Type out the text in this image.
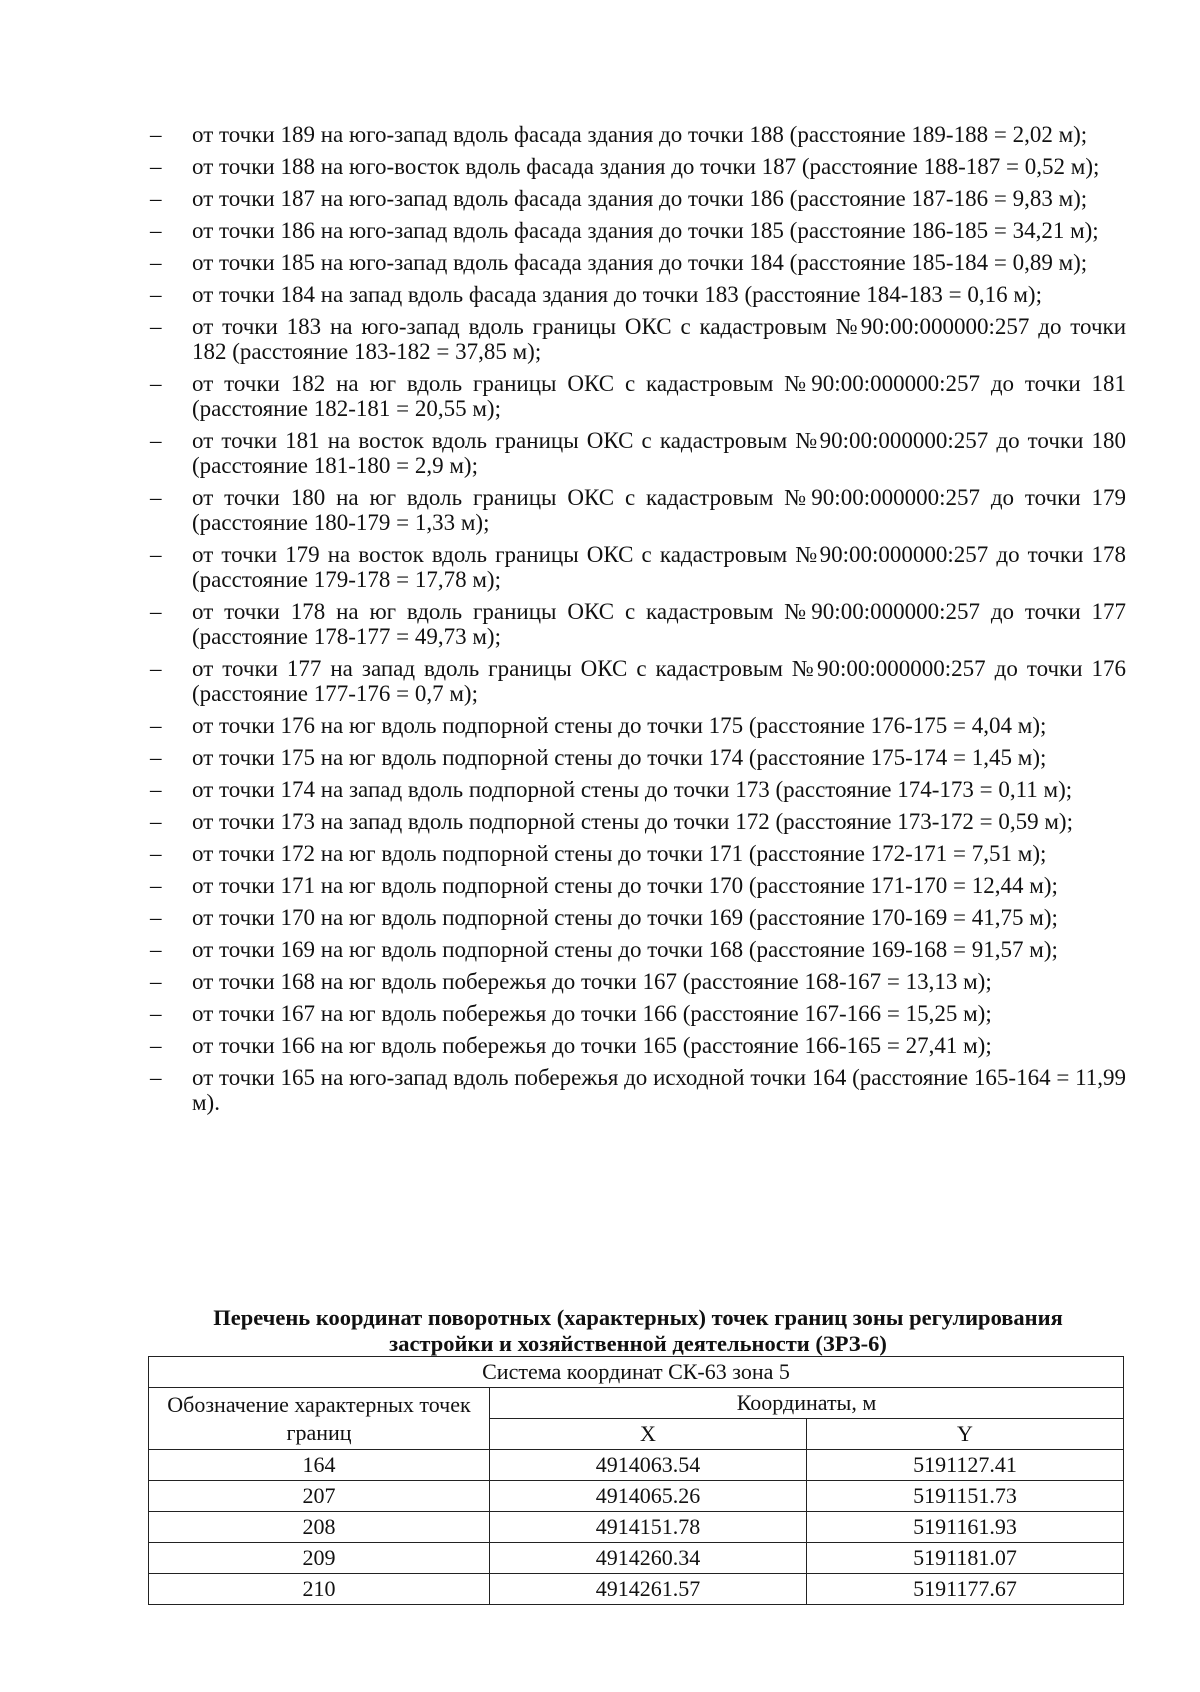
– от точки 189 на юго-запад вдоль фасада здания до точки 188 (расстояние 189-188 = 2,02 м);
– от точки 188 на юго-восток вдоль фасада здания до точки 187 (расстояние 188-187 = 0,52 м);
– от точки 187 на юго-запад вдоль фасада здания до точки 186 (расстояние 187-186 = 9,83 м);
– от точки 186 на юго-запад вдоль фасада здания до точки 185 (расстояние 186-185 = 34,21 м);
– от точки 185 на юго-запад вдоль фасада здания до точки 184 (расстояние 185-184 = 0,89 м);
– от точки 184 на запад вдоль фасада здания до точки 183 (расстояние 184-183 = 0,16 м);
– от точки 183 на юго-запад вдоль границы ОКС с кадастровым №90:00:000000:257 до точки 182 (расстояние 183-182 = 37,85 м);
– от точки 182 на юг вдоль границы ОКС с кадастровым №90:00:000000:257 до точки 181 (расстояние 182-181 = 20,55 м);
– от точки 181 на восток вдоль границы ОКС с кадастровым №90:00:000000:257 до точки 180 (расстояние 181-180 = 2,9 м);
– от точки 180 на юг вдоль границы ОКС с кадастровым №90:00:000000:257 до точки 179 (расстояние 180-179 = 1,33 м);
– от точки 179 на восток вдоль границы ОКС с кадастровым №90:00:000000:257 до точки 178 (расстояние 179-178 = 17,78 м);
– от точки 178 на юг вдоль границы ОКС с кадастровым №90:00:000000:257 до точки 177 (расстояние 178-177 = 49,73 м);
– от точки 177 на запад вдоль границы ОКС с кадастровым №90:00:000000:257 до точки 176 (расстояние 177-176 = 0,7 м);
– от точки 176 на юг вдоль подпорной стены до точки 175 (расстояние 176-175 = 4,04 м);
– от точки 175 на юг вдоль подпорной стены до точки 174 (расстояние 175-174 = 1,45 м);
– от точки 174 на запад вдоль подпорной стены до точки 173 (расстояние 174-173 = 0,11 м);
– от точки 173 на запад вдоль подпорной стены до точки 172 (расстояние 173-172 = 0,59 м);
– от точки 172 на юг вдоль подпорной стены до точки 171 (расстояние 172-171 = 7,51 м);
– от точки 171 на юг вдоль подпорной стены до точки 170 (расстояние 171-170 = 12,44 м);
– от точки 170 на юг вдоль подпорной стены до точки 169 (расстояние 170-169 = 41,75 м);
– от точки 169 на юг вдоль подпорной стены до точки 168 (расстояние 169-168 = 91,57 м);
– от точки 168 на юг вдоль побережья до точки 167 (расстояние 168-167 = 13,13 м);
– от точки 167 на юг вдоль побережья до точки 166 (расстояние 167-166 = 15,25 м);
– от точки 166 на юг вдоль побережья до точки 165 (расстояние 166-165 = 27,41 м);
– от точки 165 на юго-запад вдоль побережья до исходной точки 164 (расстояние 165-164 = 11,99 м).
Перечень координат поворотных (характерных) точек границ зоны регулирования
застройки и хозяйственной деятельности (ЗРЗ-6)
Система координат СК-63 зона 5		
Обозначение характерных точек границ	Координаты, м	
	X	Y
164	4914063.54	5191127.41
207	4914065.26	5191151.73
208	4914151.78	5191161.93
209	4914260.34	5191181.07
210	4914261.57	5191177.67
